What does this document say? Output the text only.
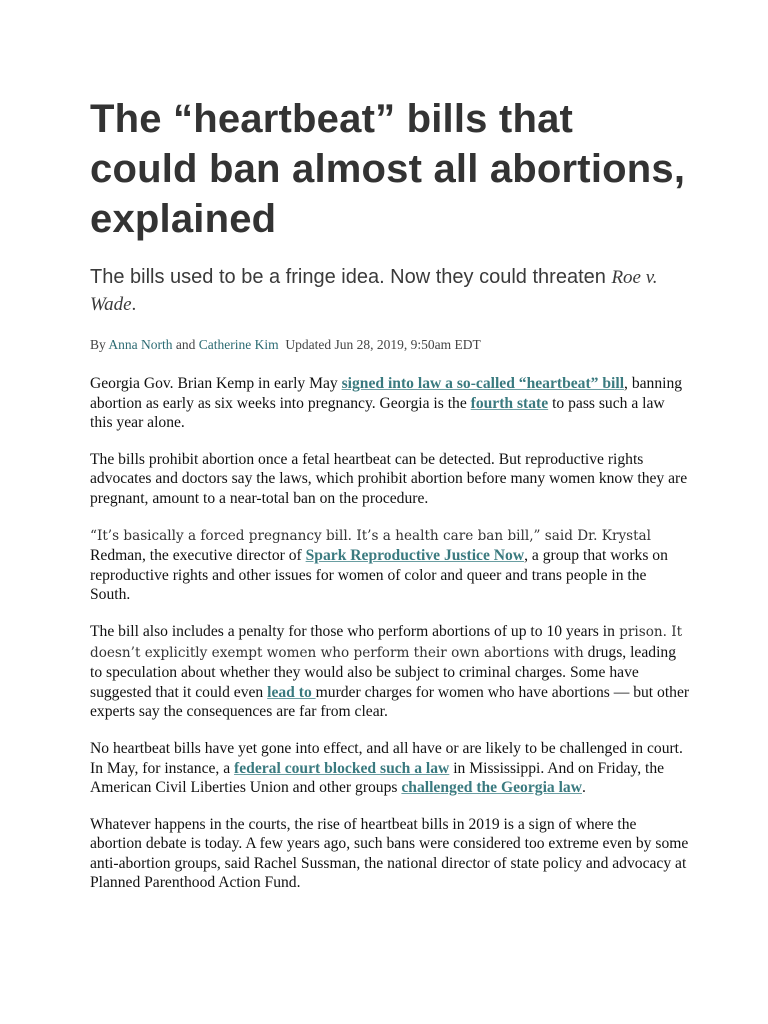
The “heartbeat” bills that could ban almost all abortions, explained

The bills used to be a fringe idea. Now they could threaten Roe v. Wade.

By Anna North and Catherine Kim  Updated Jun 28, 2019, 9:50am EDT

Georgia Gov. Brian Kemp in early May signed into law a so-called “heartbeat” bill, banning abortion as early as six weeks into pregnancy. Georgia is the fourth state to pass such a law this year alone.

The bills prohibit abortion once a fetal heartbeat can be detected. But reproductive rights advocates and doctors say the laws, which prohibit abortion before many women know they are pregnant, amount to a near-total ban on the procedure.

“It’s basically a forced pregnancy bill. It’s a health care ban bill,” said Dr. Krystal Redman, the executive director of Spark Reproductive Justice Now, a group that works on reproductive rights and other issues for women of color and queer and trans people in the South.

The bill also includes a penalty for those who perform abortions of up to 10 years in prison. It doesn’t explicitly exempt women who perform their own abortions with drugs, leading to speculation about whether they would also be subject to criminal charges. Some have suggested that it could even lead to murder charges for women who have abortions — but other experts say the consequences are far from clear.

No heartbeat bills have yet gone into effect, and all have or are likely to be challenged in court. In May, for instance, a federal court blocked such a law in Mississippi. And on Friday, the American Civil Liberties Union and other groups challenged the Georgia law.

Whatever happens in the courts, the rise of heartbeat bills in 2019 is a sign of where the abortion debate is today. A few years ago, such bans were considered too extreme even by some anti-abortion groups, said Rachel Sussman, the national director of state policy and advocacy at Planned Parenthood Action Fund.
